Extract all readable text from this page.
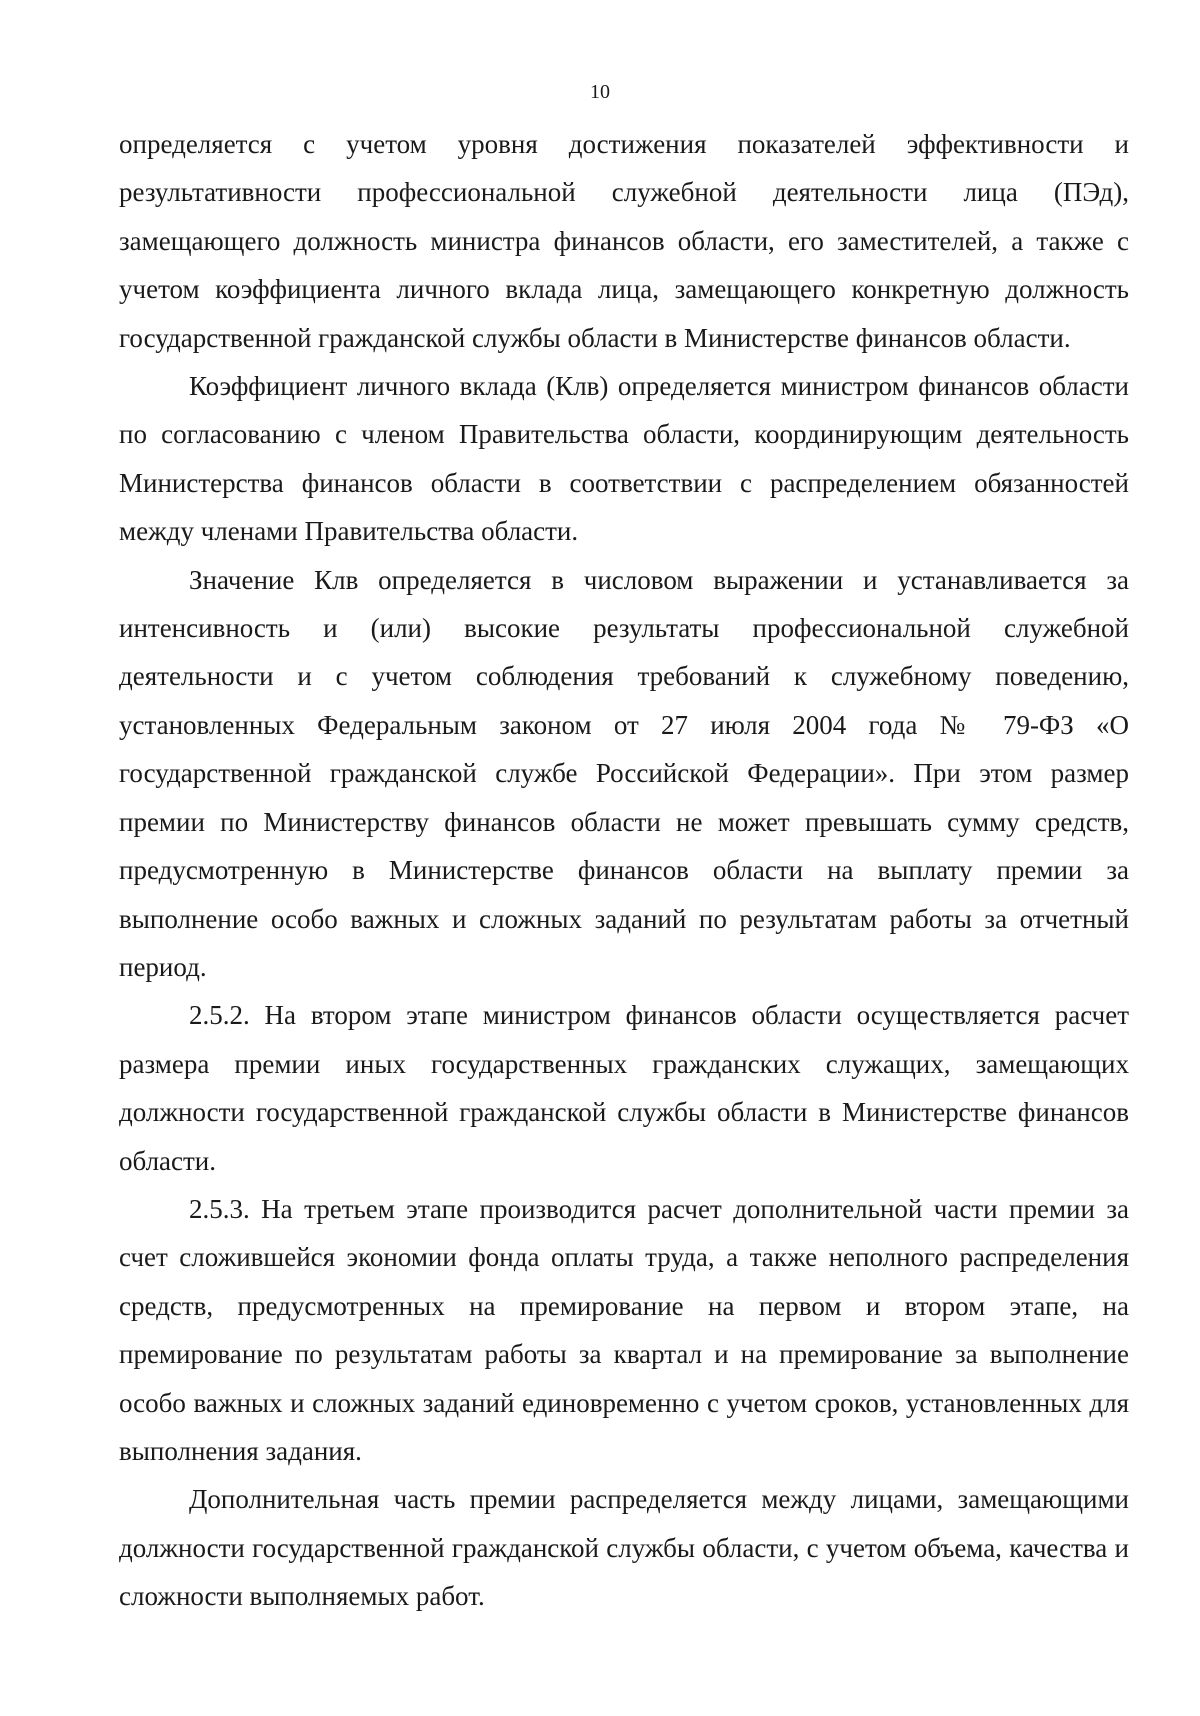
10

определяется с учетом уровня достижения показателей эффективности и результативности профессиональной служебной деятельности лица (ПЭд), замещающего должность министра финансов области, его заместителей, а также с учетом коэффициента личного вклада лица, замещающего конкретную должность государственной гражданской службы области в Министерстве финансов области.

Коэффициент личного вклада (Клв) определяется министром финансов области по согласованию с членом Правительства области, координирующим деятельность Министерства финансов области в соответствии с распределением обязанностей между членами Правительства области.

Значение Клв определяется в числовом выражении и устанавливается за интенсивность и (или) высокие результаты профессиональной служебной деятельности и с учетом соблюдения требований к служебному поведению, установленных Федеральным законом от 27 июля 2004 года № 79-ФЗ «О государственной гражданской службе Российской Федерации». При этом размер премии по Министерству финансов области не может превышать сумму средств, предусмотренную в Министерстве финансов области на выплату премии за выполнение особо важных и сложных заданий по результатам работы за отчетный период.

2.5.2. На втором этапе министром финансов области осуществляется расчет размера премии иных государственных гражданских служащих, замещающих должности государственной гражданской службы области в Министерстве финансов области.

2.5.3. На третьем этапе производится расчет дополнительной части премии за счет сложившейся экономии фонда оплаты труда, а также неполного распределения средств, предусмотренных на премирование на первом и втором этапе, на премирование по результатам работы за квартал и на премирование за выполнение особо важных и сложных заданий единовременно с учетом сроков, установленных для выполнения задания.

Дополнительная часть премии распределяется между лицами, замещающими должности государственной гражданской службы области, с учетом объема, качества и сложности выполняемых работ.
